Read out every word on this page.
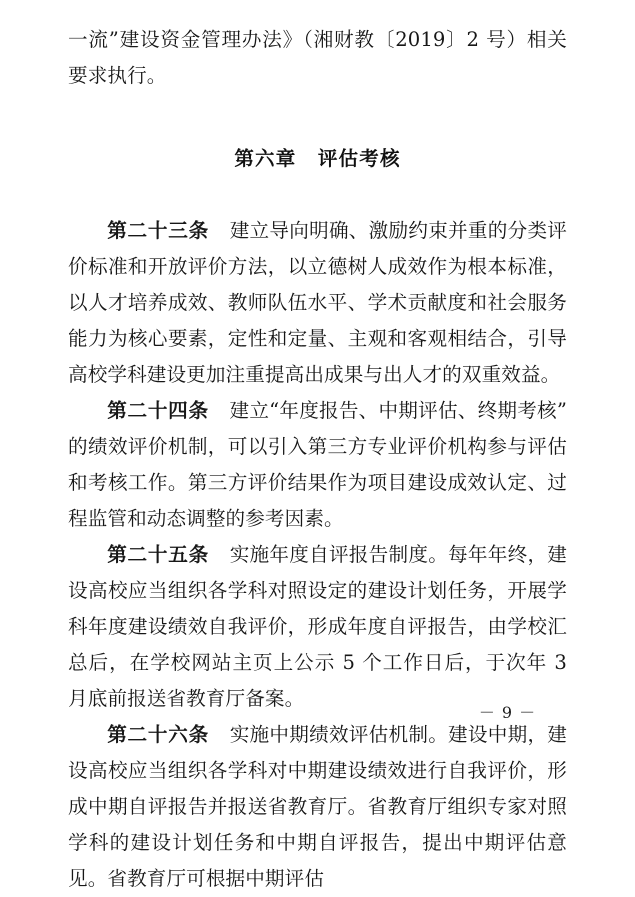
一流”建设资金管理办法》（湘财教〔2019〕2 号）相关要求执行。

第六章 评估考核

第二十三条 建立导向明确、激励约束并重的分类评价标准和开放评价方法，以立德树人成效作为根本标准，以人才培养成效、教师队伍水平、学术贡献度和社会服务能力为核心要素，定性和定量、主观和客观相结合，引导高校学科建设更加注重提高出成果与出人才的双重效益。

第二十四条 建立“年度报告、中期评估、终期考核”的绩效评价机制，可以引入第三方专业评价机构参与评估和考核工作。第三方评价结果作为项目建设成效认定、过程监管和动态调整的参考因素。

第二十五条 实施年度自评报告制度。每年年终，建设高校应当组织各学科对照设定的建设计划任务，开展学科年度建设绩效自我评价，形成年度自评报告，由学校汇总后，在学校网站主页上公示 5 个工作日后，于次年 3 月底前报送省教育厅备案。

第二十六条 实施中期绩效评估机制。建设中期，建设高校应当组织各学科对中期建设绩效进行自我评价，形成中期自评报告并报送省教育厅。省教育厅组织专家对照学科的建设计划任务和中期自评报告，提出中期评估意见。省教育厅可根据中期评估

－ 9 －
